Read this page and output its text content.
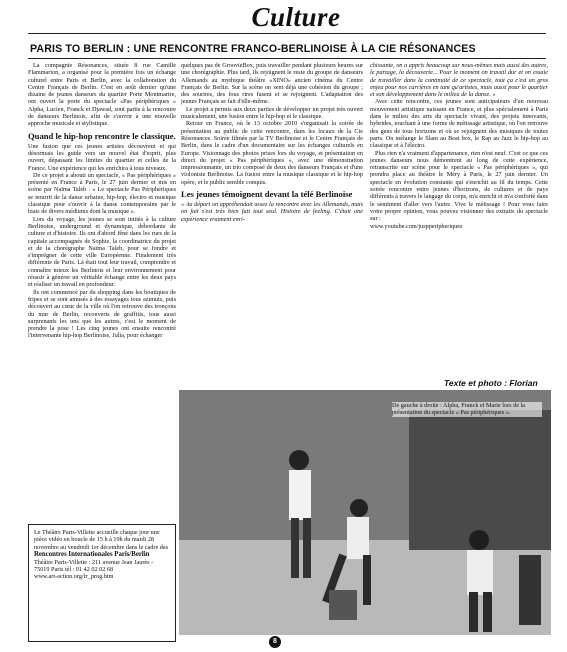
Culture
PARIS TO BERLIN : UNE RENCONTRE FRANCO-BERLINOISE À LA CIE RÉSONANCES

La compagnie Résonances, située 8 rue Camille Flammarion, a organisé pour la première fois un échange culturel entre Paris et Berlin, avec la collaboration du Centre Français de Berlin. C'est en août dernier qu'une dizaine de jeunes danseurs du quartier Porte Montmartre, ont ouvert la porte du spectacle «Pas périphériques » Alpha, Lucien, Franck et Djawad, sont partis à la rencontre de danseurs Berlinois, afin de s'ouvrir à une nouvelle approche musicale et stylistique.

Quand le hip-hop rencontre le classique.

Une fusion que ces jeunes artistes découvrent et qui désormais les guide vers un nouvel état d'esprit, plus ouvert, dépassant les limites du quartier et celles de la France. Une expérience qui les enrichira à tous niveaux.

De ce projet a abouti un spectacle, « Pas périphériques » présenté en France à Paris, le 27 juin dernier et mis en scène par Naïma Taleb : « Le spectacle Pas Périphériques se nourrit de la danse urbaine, hip-hop, électro et musique classique pour s'ouvrir à la danse contemporaine par le biais de divers médiums dont la musique ».

Lors du voyage, les jeunes se sont initiés à la culture Berlinoise, underground et dynamique, débordante de culture et d'histoire. Ils ont d'abord fêné dans les rues de la capitale accompagnés de Sophie, la coordinatrice du projet et de la chorégraphe Naïma Taleb, pour se fondre et s'imprégner de cette ville Européenne. Finalement très différente de Paris. Là était tout leur travail, comprendre et connaître mieux les Berlinois et leur environnement pour réussir à générer un véritable échange entre les deux pays et réaliser un travail en profondeur.

Ils ont commencé par du shopping dans les boutiques de fripes et se sont amusés à des essayages tous azimuts, puis découvert au cœur de la ville où l'on retrouve des tronçons du mur de Berlin, recouverts de graffitis, tous aussi surprenants les uns que les autres, c'est le moment de prendre la pose ! Les cinq jeunes ont ensuite rencontré l'intervenante hip-hop Berlinoise, Julia, pour échanger

quelques pas de GroovieBox, puis travailler pendant plusieurs heures sur une chorégraphie. Plus tard, ils rejoignent le reste du groupe de danseurs Allemands au mythique théâtre «XINO» ancien cinéma du Centre Français de Berlin. Sur la scène on sent déjà une cohésion du groupe ; des sourires, des fous rires fusent et se rejoignent. L'adaptation des jeunes Français se fait d'elle-même.

Le projet a permis aux deux parties de développer un projet très ouvert musicalement, une fusion entre le hip-hop et le classique.

Retour en France, où le 13 octobre 2010 s'organisait la soirée de présentation au public de cette rencontre, dans les locaux de la Cie Résonances. Soirée filmée par la TV Berlinoise et le Centre Français de Berlin, dans le cadre d'un documentaire sur les échanges culturels en Europe. Visionnage des photos prises lors du voyage, et présentation en direct du projet « Pas périphériques », avec une démonstration impressionnante, un trio composé de deux des danseurs Français et d'une violoniste Berlinoise. La fusion entre la musique classique et le hip-hop opère, et le public semble conquis.

Les jeunes témoignent devant la télé Berlinoise

« Au départ on appréhendait assez la rencontre avec les Allemands, mais on fait s'est très bien fait tout seul. Histoire de feeling. C'était une expérience vraiment enri-

chissante, on a appris beaucoup sur nous-mêmes mais aussi des autres, le partage, la découverte... Pour le moment on travail dur et on essaie de travailler dans la continuité de ce spectacle, tout ça c'est un gros enjeu pour nos carrières en tant qu'artistes, mais aussi pour le quartier et son développement dans le milieu de la danse. »

Avec cette rencontre, ces jeunes sont anticipateurs d'un nouveau mouvement artistique naissant en France, et plus spécialement à Paris dans le milieu des arts du spectacle vivant, des projets innovants, hybrides, touchant à une forme de métissage artistique, où l'on retrouve des gens de tous horizons et où se rejoignent des musiques de toutes parts. On mélange le Slam au Beat box, le Rap au Jazz le hip-hop au classique et à l'électro.

Plus rien n'a vraiment d'appartenance, rien n'est neuf. C'est ce que ces jeunes danseurs nous démontrent au long de cette expérience, retranscrite sur scène pour le spectacle « Pas périphériques », qui prendra place au théâtre le Méry à Paris, le 27 juin dernier. Un spectacle en évolution constante qui s'enrichit au fil du temps. Cette soirée rencontre entre jeunes d'horizons, de cultures et de pays différents à travers le langage du corps, m'a enrichi et m'a conforté dans le sentiment d'aller vers l'autre. Vive le métissage ! Pour vous faire votre propre opinion, vous pouvez visionner des extraits du spectacle sur :

www.youtube.com/juspperipheriques

Texte et photo : Florian
De gauche à droite : Alpha, Franck et Marie lors de la présentation du spectacle « Pas périphériques ».
Le Théâtre Paris-Villette accueille chaque jour une pièce vidéo en boucle de 15 h à 19h du mardi 28 novembre au vendredi 1er décembre dans le cadre des
Rencontres Internationales Paris/Berlin
Théâtre Paris-Villette : 211 avenue Jean Jaurès - 75019 Paris tél : 01 42 02 02 68
www.art-action.org/fr_prog.htm
8
